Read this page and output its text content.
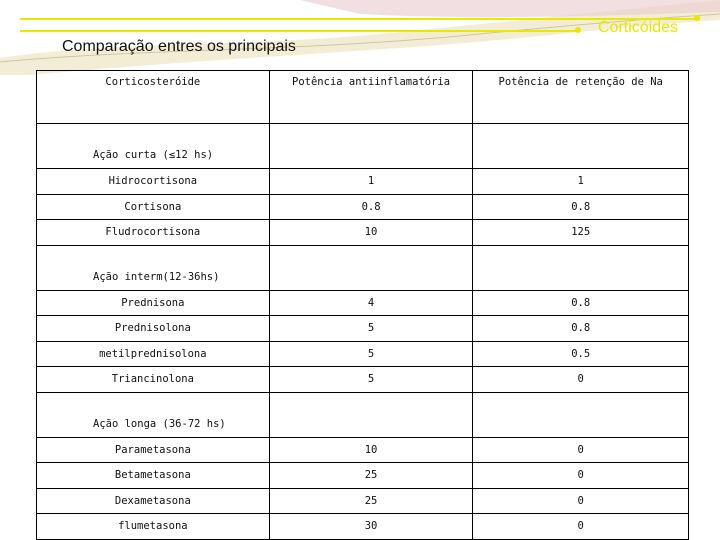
Corticóides
Comparação entres os principais
Corticosteróide	Potência antiinflamatória	Potência de retenção de Na
Ação curta (≤12 hs)		
Hidrocortisona	1	1
Cortisona	0.8	0.8
Fludrocortisona	10	125
Ação interm(12-36hs)		
Prednisona	4	0.8
Prednisolona	5	0.8
metilprednisolona	5	0.5
Triancinolona	5	0
Ação longa (36-72 hs)		
Parametasona	10	0
Betametasona	25	0
Dexametasona	25	0
flumetasona	30	0
